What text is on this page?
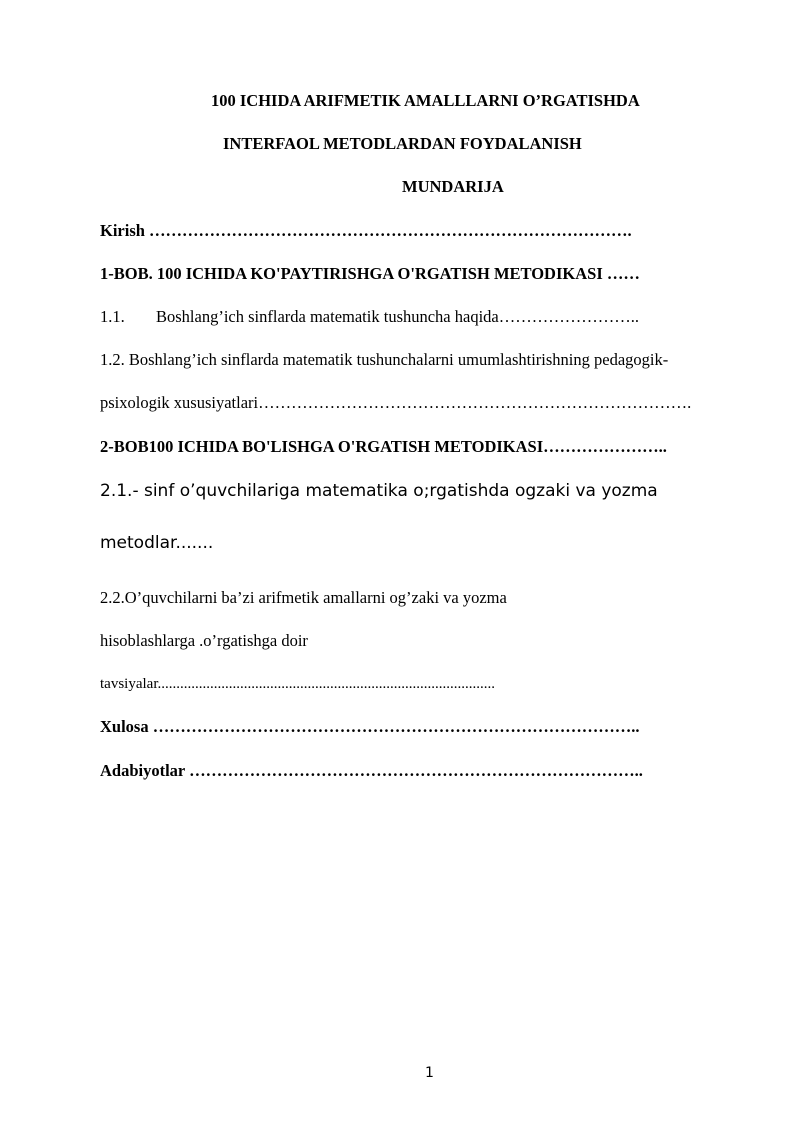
100 ICHIDA ARIFMETIK AMALLLARNI O’RGATISHDA
INTERFAOL METODLARDAN FOYDALANISH
MUNDARIJA
Kirish …………………………………………………………………………….
1-BOB. 100 ICHIDA KO'PAYTIRISHGA O'RGATISH METODIKASI ……
1.1. Boshlang’ich sinflarda matematik tushuncha haqida……………………..
1.2. Boshlang’ich sinflarda matematik tushunchalarni umumlashtirishning pedagogik-
psixologik xususiyatlari…………………………………………………………………….
2-BOB100 ICHIDA BO'LISHGA O'RGATISH METODIKASI…………………..
2.1.- sinf o’quvchilariga matematika o;rgatishda ogzaki va yozma
metodlar.......
2.2.O’quvchilarni ba’zi arifmetik amallarni og’zaki va yozma
hisoblashlarga .o’rgatishga doir
tavsiyalar..........................................................................................
Xulosa ……………………………………………………………………………..
Adabiyotlar ………………………………………………………………………..
1
